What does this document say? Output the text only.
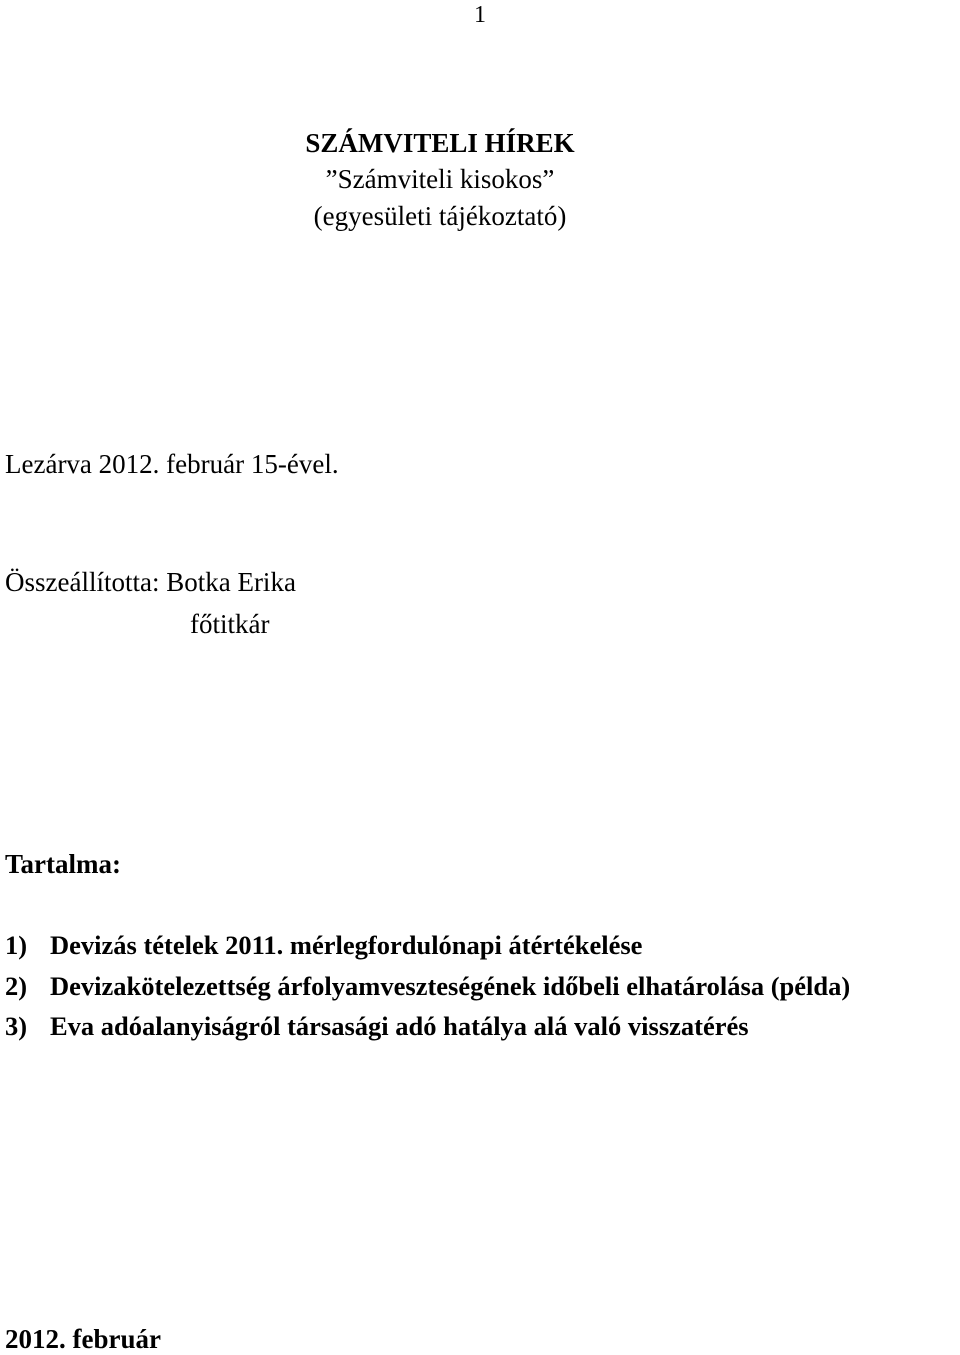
1
SZÁMVITELI HÍREK
”Számviteli kisokos”
(egyesületi tájékoztató)
Lezárva 2012. február 15-ével.
Összeállította: Botka Erika
főtitkár
Tartalma:
1) Devizás tételek 2011. mérlegfordulónapi átértékelése
2) Devizakötelezettség árfolyamveszteségének időbeli elhatárolása (példa)
3) Eva adóalanyiságról társasági adó hatálya alá való visszatérés
2012. február
